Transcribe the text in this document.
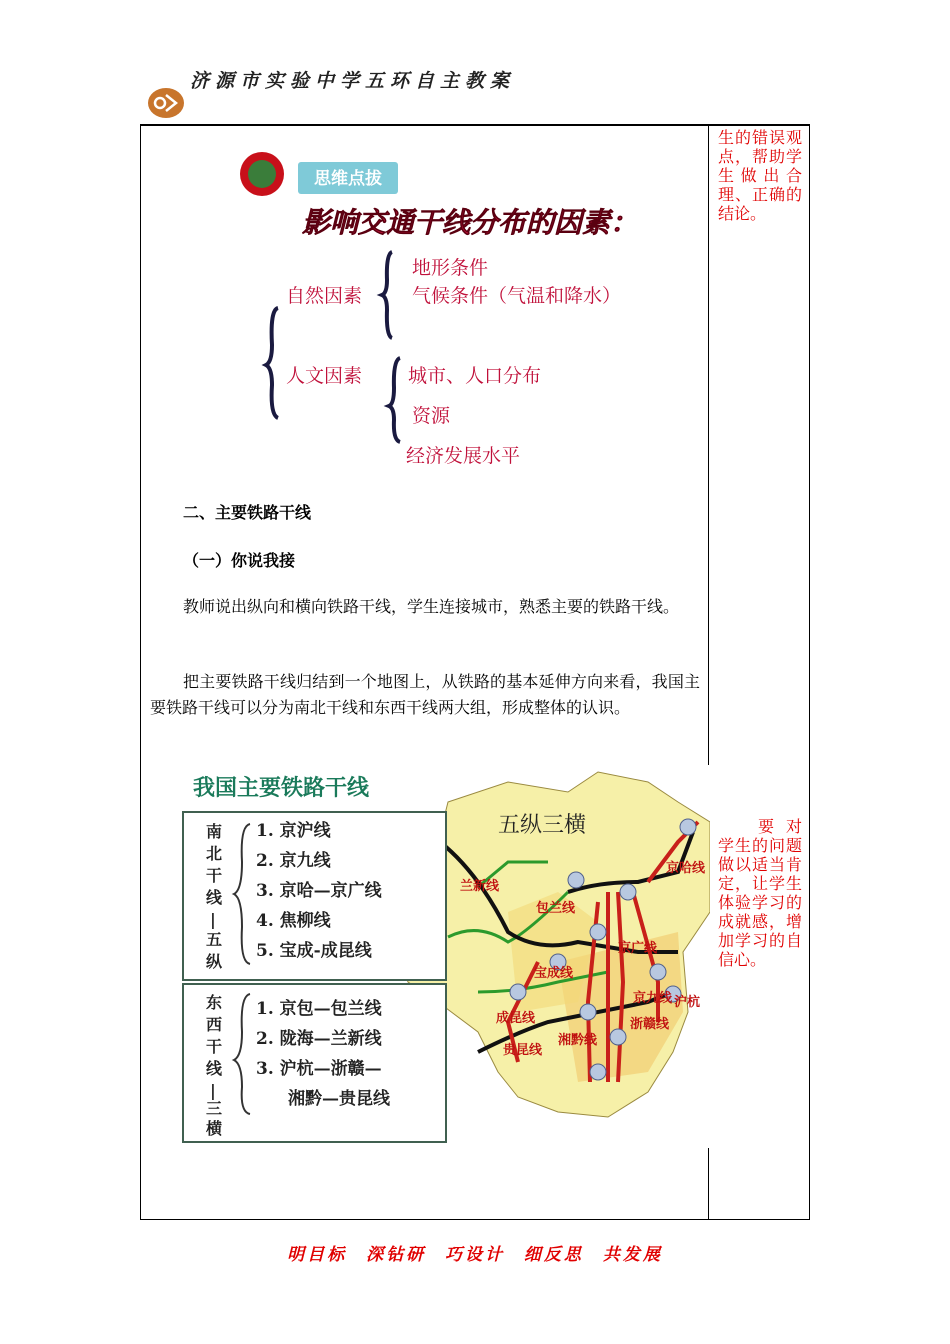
济源市实验中学五环自主教案
生的错误观点，帮助学生做出合理、正确的结论。
要对学生的问题做以适当肯定，让学生体验学习的成就感，增加学习的自信心。
思维点拔
影响交通干线分布的因素：
自然因素
地形条件
气候条件（气温和降水）
人文因素 城市、人口分布
资源
经济发展水平
二、主要铁路干线
（一）你说我接
教师说出纵向和横向铁路干线，学生连接城市，熟悉主要的铁路干线。
把主要铁路干线归结到一个地图上，从铁路的基本延伸方向来看，我国主要铁路干线可以分为南北干线和东西干线两大组，形成整体的认识。
我国主要铁路干线
五纵三横
兰新线
包兰线
京哈线
京广线
京九线
宝成线
成昆线
湘黔线
贵昆线
浙赣线
沪杭
南
北
干
线
|
五
纵
1. 京沪线
2. 京九线
3. 京哈—京广线
4. 焦柳线
5. 宝成-成昆线
东
西
干
线
|
三
横
1. 京包—包兰线
2. 陇海—兰新线
3. 沪杭—浙赣—
湘黔—贵昆线
明目标 深钻研 巧设计 细反思 共发展
